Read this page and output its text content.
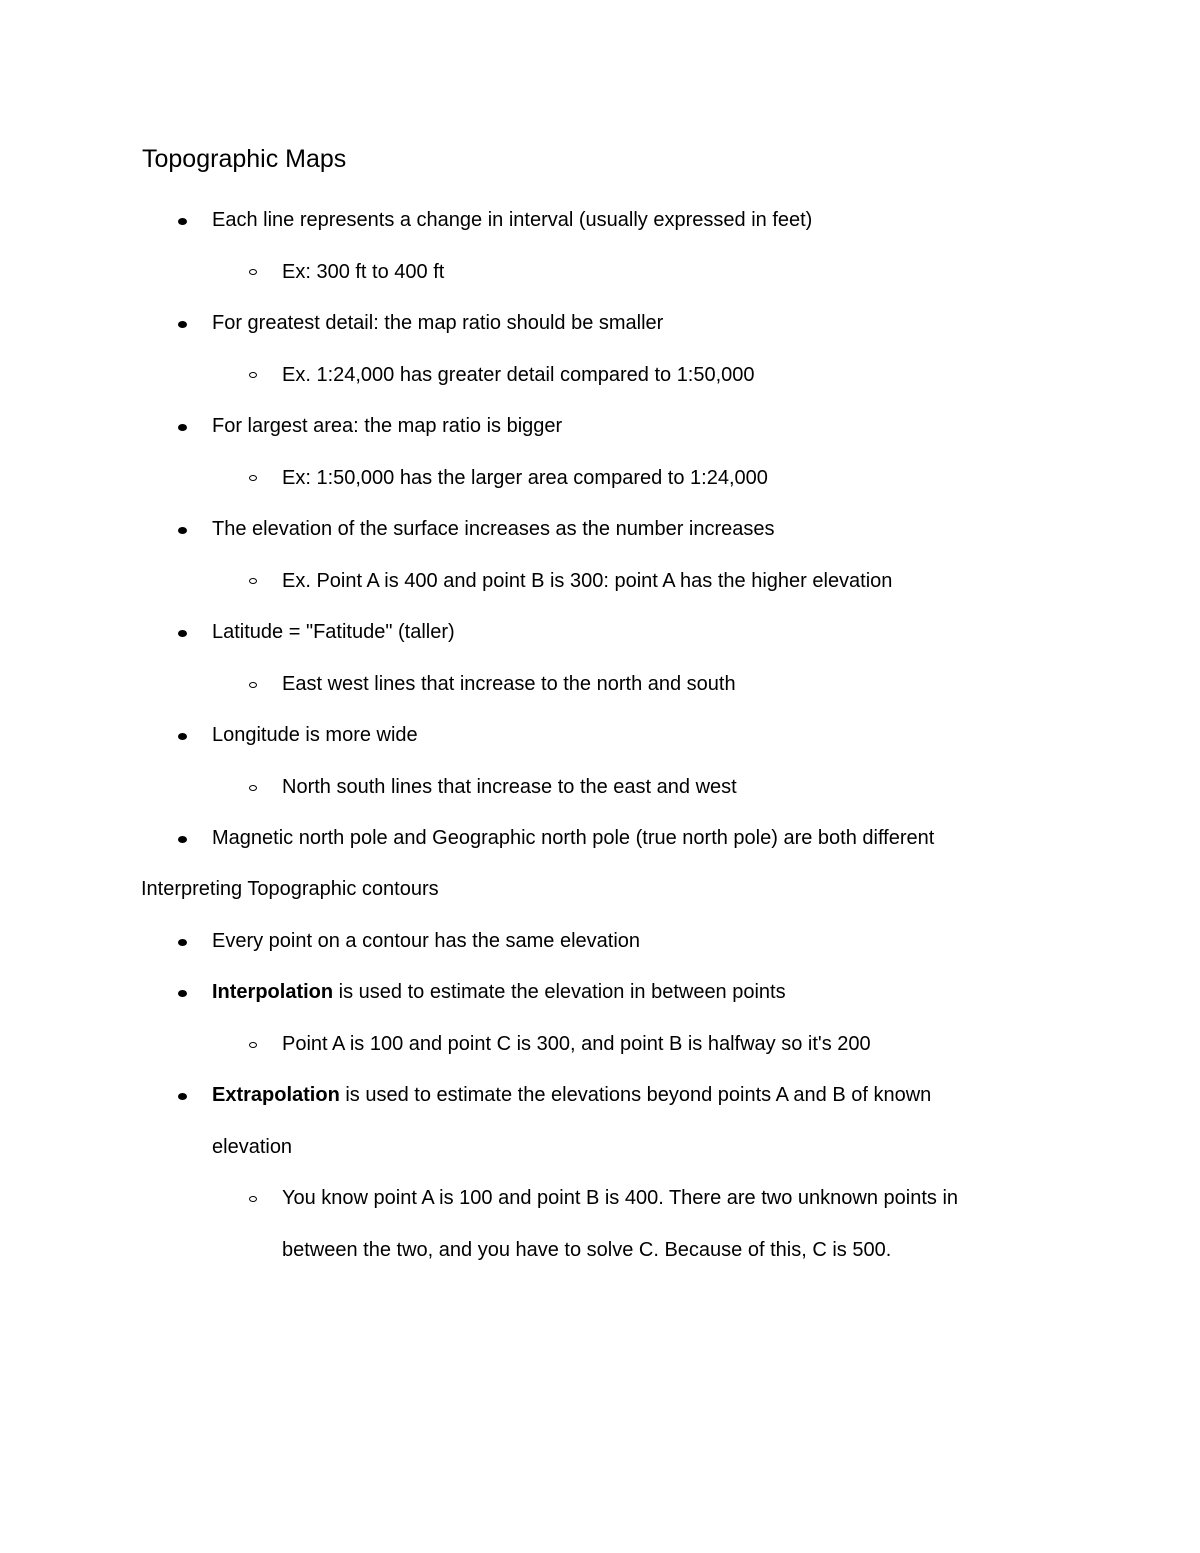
Topographic Maps
Each line represents a change in interval (usually expressed in feet)
Ex: 300 ft to 400 ft
For greatest detail: the map ratio should be smaller
Ex. 1:24,000 has greater detail compared to 1:50,000
For largest area: the map ratio is bigger
Ex: 1:50,000 has the larger area compared to 1:24,000
The elevation of the surface increases as the number increases
Ex. Point A is 400 and point B is 300: point A has the higher elevation
Latitude = "Fatitude" (taller)
East west lines that increase to the north and south
Longitude is more wide
North south lines that increase to the east and west
Magnetic north pole and Geographic north pole (true north pole) are both different
Interpreting Topographic contours
Every point on a contour has the same elevation
Interpolation is used to estimate the elevation in between points
Point A is 100 and point C is 300, and point B is halfway so it's 200
Extrapolation is used to estimate the elevations beyond points A and B of known
elevation
You know point A is 100 and point B is 400. There are two unknown points in
between the two, and you have to solve C. Because of this, C is 500.
